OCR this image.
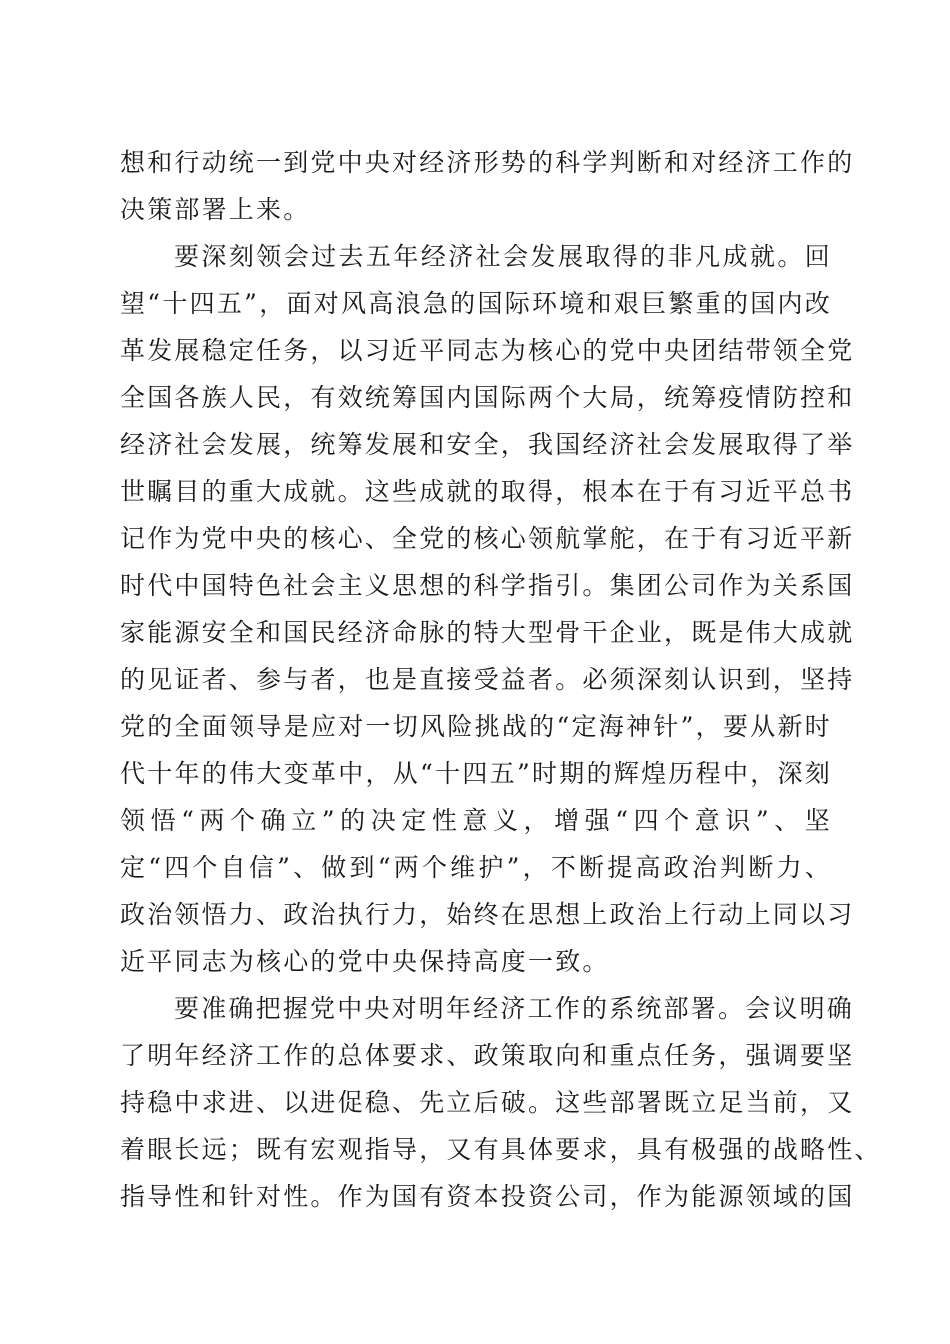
想和行动统一到党中央对经济形势的科学判断和对经济工作的
决策部署上来。

要深刻领会过去五年经济社会发展取得的非凡成就。回
望“十四五”，面对风高浪急的国际环境和艰巨繁重的国内改
革发展稳定任务，以习近平同志为核心的党中央团结带领全党
全国各族人民，有效统筹国内国际两个大局，统筹疫情防控和
经济社会发展，统筹发展和安全，我国经济社会发展取得了举
世瞩目的重大成就。这些成就的取得，根本在于有习近平总书
记作为党中央的核心、全党的核心领航掌舵，在于有习近平新
时代中国特色社会主义思想的科学指引。集团公司作为关系国
家能源安全和国民经济命脉的特大型骨干企业，既是伟大成就
的见证者、参与者，也是直接受益者。必须深刻认识到，坚持
党的全面领导是应对一切风险挑战的“定海神针”，要从新时
代十年的伟大变革中，从“十四五”时期的辉煌历程中，深刻
领悟“两个确立”的决定性意义，增强“四个意识”、坚
定“四个自信”、做到“两个维护”，不断提高政治判断力、
政治领悟力、政治执行力，始终在思想上政治上行动上同以习
近平同志为核心的党中央保持高度一致。

要准确把握党中央对明年经济工作的系统部署。会议明确
了明年经济工作的总体要求、政策取向和重点任务，强调要坚
持稳中求进、以进促稳、先立后破。这些部署既立足当前，又
着眼长远；既有宏观指导，又有具体要求，具有极强的战略性、
指导性和针对性。作为国有资本投资公司，作为能源领域的国
